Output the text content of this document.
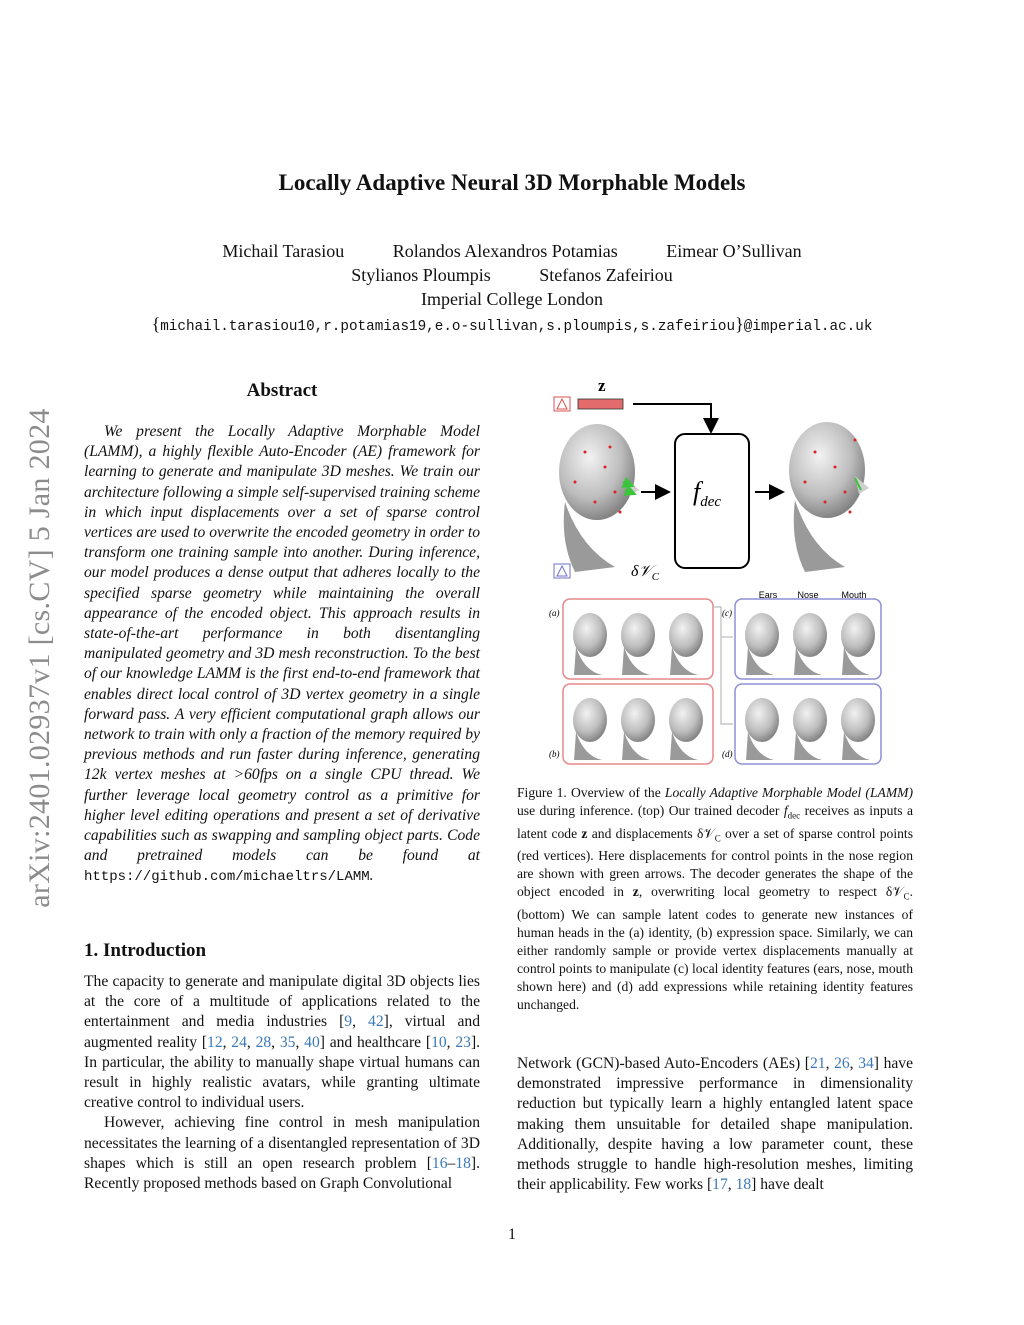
arXiv:2401.02937v1 [cs.CV] 5 Jan 2024
Locally Adaptive Neural 3D Morphable Models
Michail Tarasiou	Rolandos Alexandros Potamias	Eimear O’Sullivan
Stylianos Ploumpis	Stefanos Zafeiriou
Imperial College London
{michail.tarasiou10,r.potamias19,e.o-sullivan,s.ploumpis,s.zafeiriou}@imperial.ac.uk
Abstract
We present the Locally Adaptive Morphable Model (LAMM), a highly flexible Auto-Encoder (AE) framework for learning to generate and manipulate 3D meshes. We train our architecture following a simple self-supervised training scheme in which input displacements over a set of sparse control vertices are used to overwrite the encoded geometry in order to transform one training sample into another. During inference, our model produces a dense output that adheres locally to the specified sparse geometry while maintaining the overall appearance of the encoded object. This approach results in state-of-the-art performance in both disentangling manipulated geometry and 3D mesh reconstruction. To the best of our knowledge LAMM is the first end-to-end framework that enables direct local control of 3D vertex geometry in a single forward pass. A very efficient computational graph allows our network to train with only a fraction of the memory required by previous methods and run faster during inference, generating 12k vertex meshes at >60fps on a single CPU thread. We further leverage local geometry control as a primitive for higher level editing operations and present a set of derivative capabilities such as swapping and sampling object parts. Code and pretrained models can be found at https://github.com/michaeltrs/LAMM.
1. Introduction

The capacity to generate and manipulate digital 3D objects lies at the core of a multitude of applications related to the entertainment and media industries [9, 42], virtual and augmented reality [12, 24, 28, 35, 40] and healthcare [10, 23]. In particular, the ability to manually shape virtual humans can result in highly realistic avatars, while granting ultimate creative control to individual users.

However, achieving fine control in mesh manipulation necessitates the learning of a disentangled representation of 3D shapes which is still an open research problem [16–18]. Recently proposed methods based on Graph Convolutional

z
$f_{dec}$
δ𝒱$_C$
Ears Nose	Mouth
(a)
(b)
(c)
(d)
Figure 1. Overview of the Locally Adaptive Morphable Model (LAMM) use during inference. (top) Our trained decoder $f_{dec}$ receives as inputs a latent code z and displacements δ𝒱$_C$ over a set of sparse control points (red vertices). Here displacements for control points in the nose region are shown with green arrows. The decoder generates the shape of the object encoded in z, overwriting local geometry to respect δ𝒱$_C$. (bottom) We can sample latent codes to generate new instances of human heads in the (a) identity, (b) expression space. Similarly, we can either randomly sample or provide vertex displacements manually at control points to manipulate (c) local identity features (ears, nose, mouth shown here) and (d) add expressions while retaining identity features unchanged.
Network (GCN)-based Auto-Encoders (AEs) [21, 26, 34] have demonstrated impressive performance in dimensionality reduction but typically learn a highly entangled latent space making them unsuitable for detailed shape manipulation. Additionally, despite having a low parameter count, these methods struggle to handle high-resolution meshes, limiting their applicability. Few works [17, 18] have dealt
1
